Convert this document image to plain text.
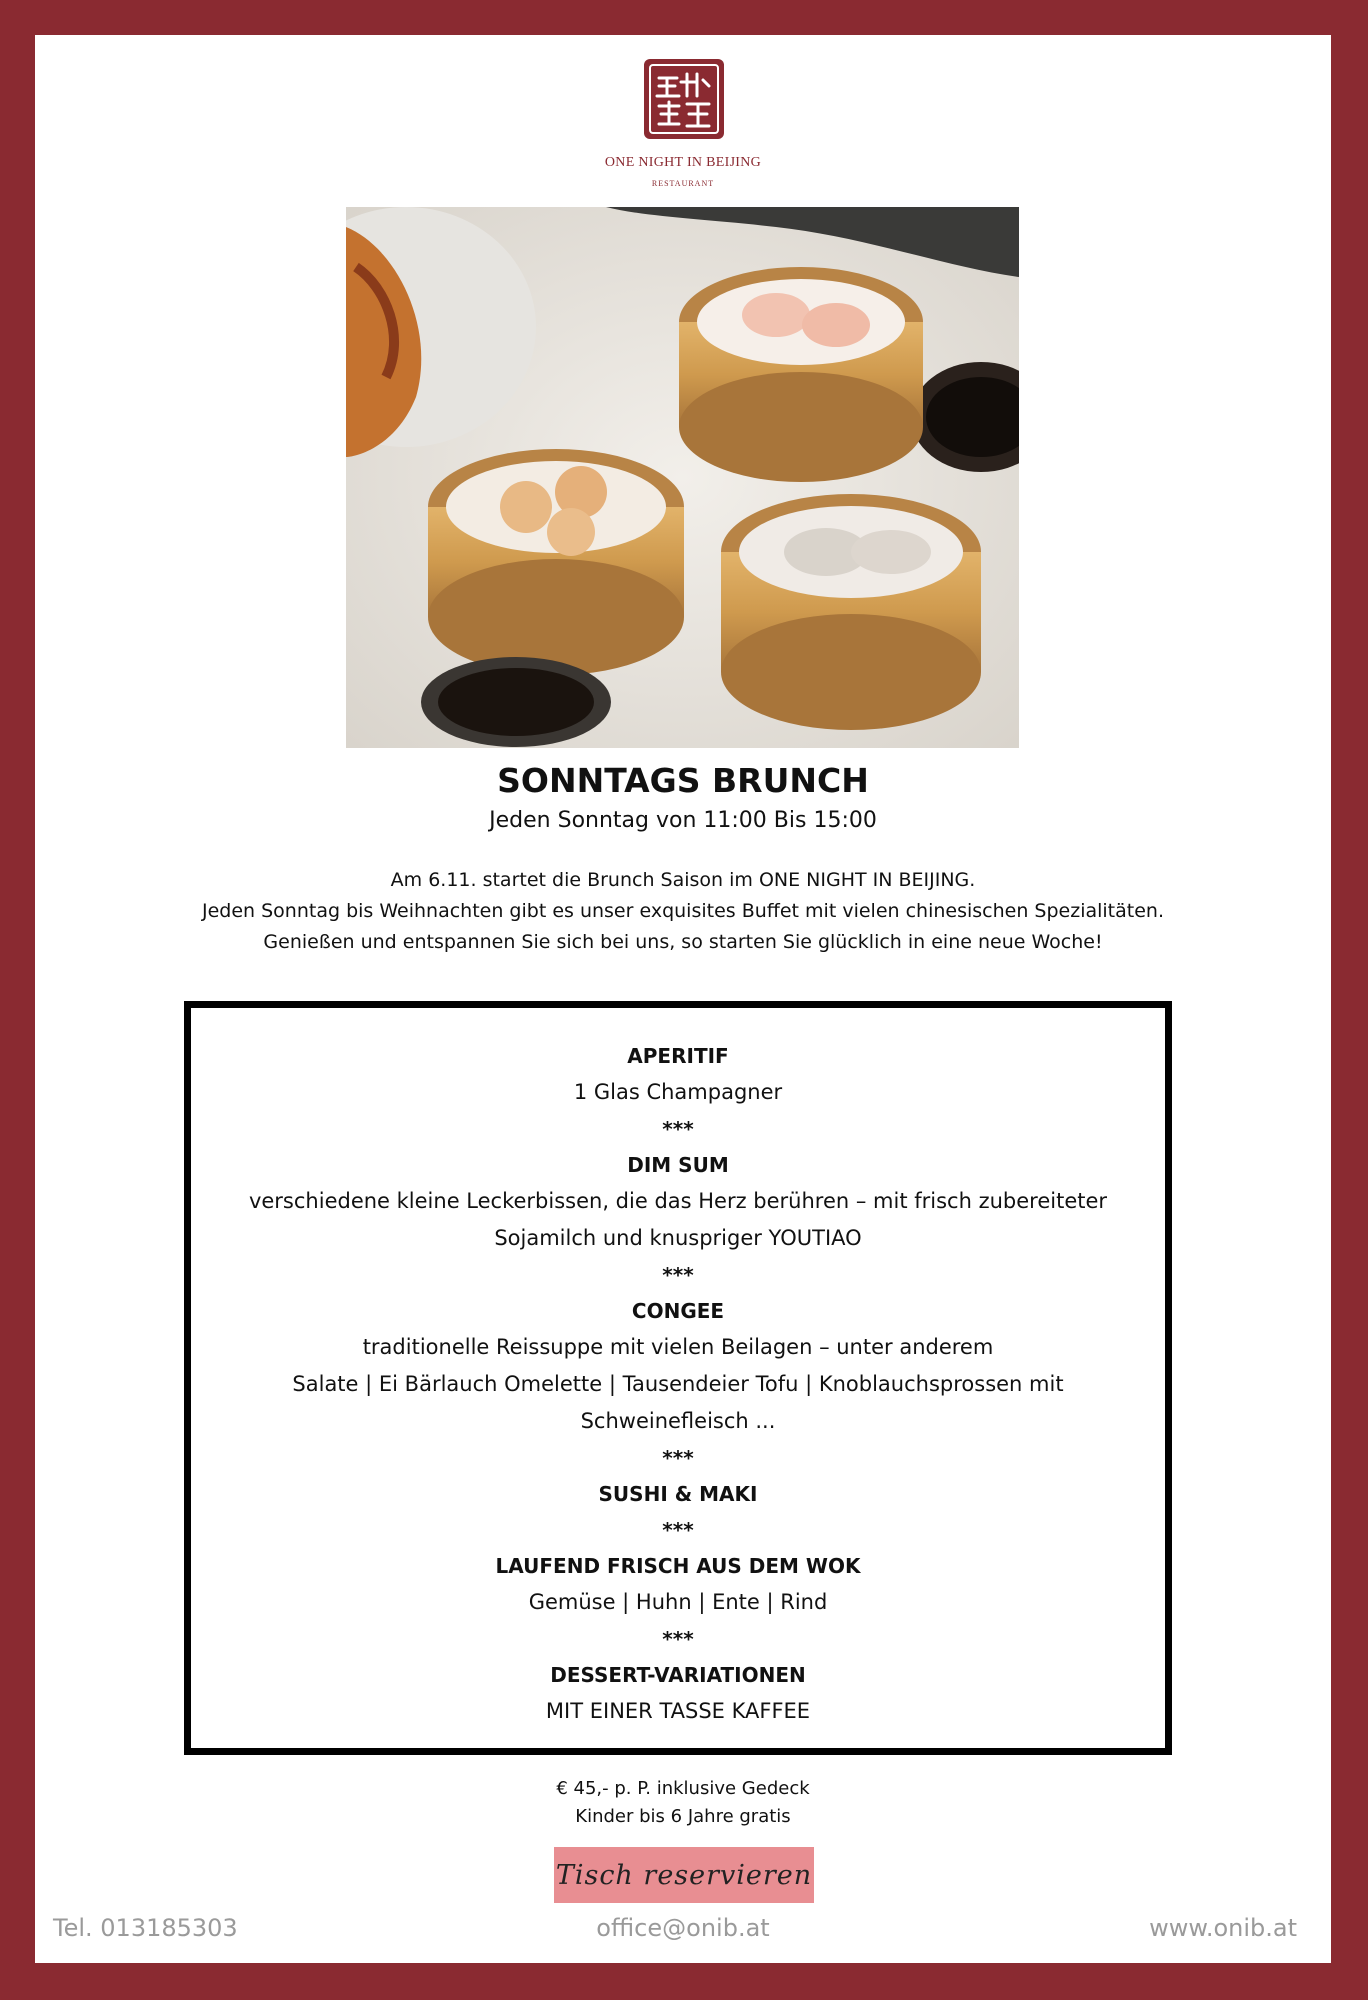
ONE NIGHT IN BEIJING
RESTAURANT
SONNTAGS BRUNCH
Jeden Sonntag von 11:00 Bis 15:00
Am 6.11. startet die Brunch Saison im ONE NIGHT IN BEIJING.
Jeden Sonntag bis Weihnachten gibt es unser exquisites Buffet mit vielen chinesischen Spezialitäten.
Genießen und entspannen Sie sich bei uns, so starten Sie glücklich in eine neue Woche!
APERITIF
1 Glas Champagner
***
DIM SUM
verschiedene kleine Leckerbissen, die das Herz berühren – mit frisch zubereiteter Sojamilch und knuspriger YOUTIAO
***
CONGEE
traditionelle Reissuppe mit vielen Beilagen – unter anderem
Salate | Ei Bärlauch Omelette | Tausendeier Tofu | Knoblauchsprossen mit Schweinefleisch ...
***
SUSHI & MAKI
***
LAUFEND FRISCH AUS DEM WOK
Gemüse | Huhn | Ente | Rind
***
DESSERT-VARIATIONEN
MIT EINER TASSE KAFFEE
€ 45,- p. P. inklusive Gedeck
Kinder bis 6 Jahre gratis
Tisch reservieren
Tel. 013185303	office@onib.at	www.onib.at
